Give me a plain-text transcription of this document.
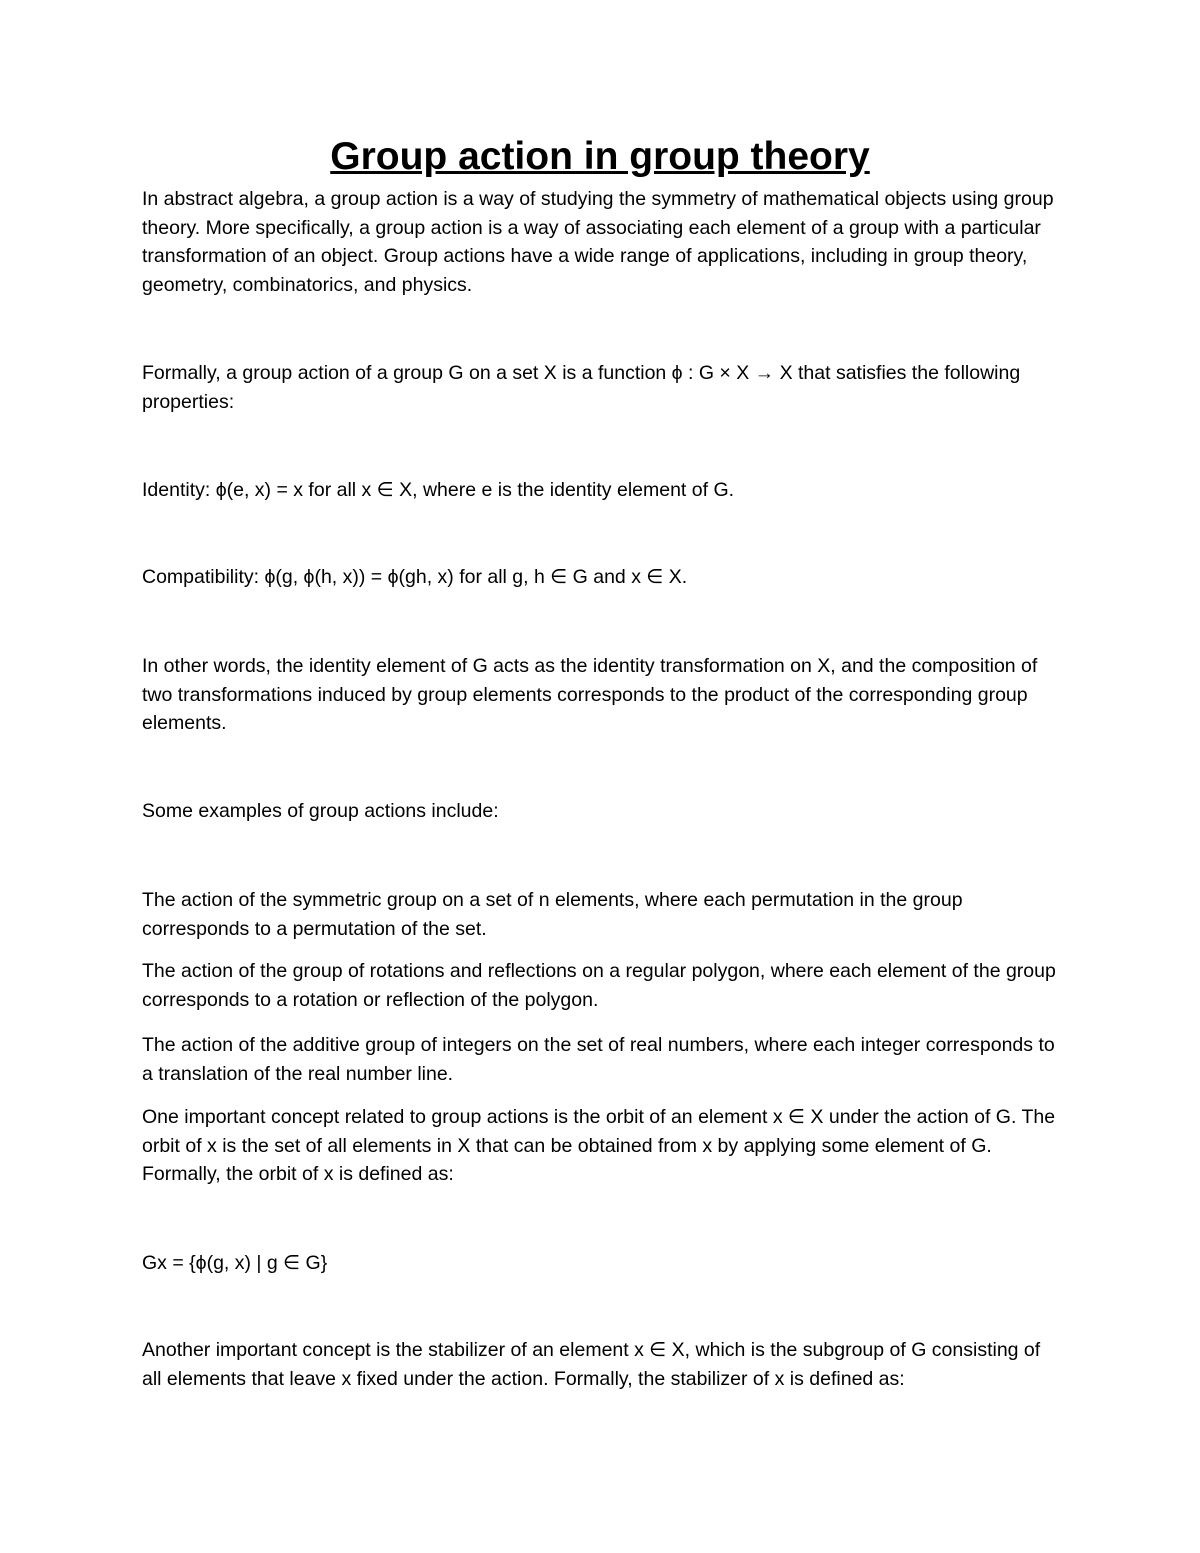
Group action in group theory

In abstract algebra, a group action is a way of studying the symmetry of mathematical objects using group theory. More specifically, a group action is a way of associating each element of a group with a particular transformation of an object. Group actions have a wide range of applications, including in group theory, geometry, combinatorics, and physics.

Formally, a group action of a group G on a set X is a function ϕ : G × X → X that satisfies the following properties:

Identity: ϕ(e, x) = x for all x ∈ X, where e is the identity element of G.

Compatibility: ϕ(g, ϕ(h, x)) = ϕ(gh, x) for all g, h ∈ G and x ∈ X.

In other words, the identity element of G acts as the identity transformation on X, and the composition of two transformations induced by group elements corresponds to the product of the corresponding group elements.

Some examples of group actions include:

The action of the symmetric group on a set of n elements, where each permutation in the group corresponds to a permutation of the set.

The action of the group of rotations and reflections on a regular polygon, where each element of the group corresponds to a rotation or reflection of the polygon.

The action of the additive group of integers on the set of real numbers, where each integer corresponds to a translation of the real number line.

One important concept related to group actions is the orbit of an element x ∈ X under the action of G. The orbit of x is the set of all elements in X that can be obtained from x by applying some element of G. Formally, the orbit of x is defined as:

Gx = {ϕ(g, x) | g ∈ G}

Another important concept is the stabilizer of an element x ∈ X, which is the subgroup of G consisting of all elements that leave x fixed under the action. Formally, the stabilizer of x is defined as:
